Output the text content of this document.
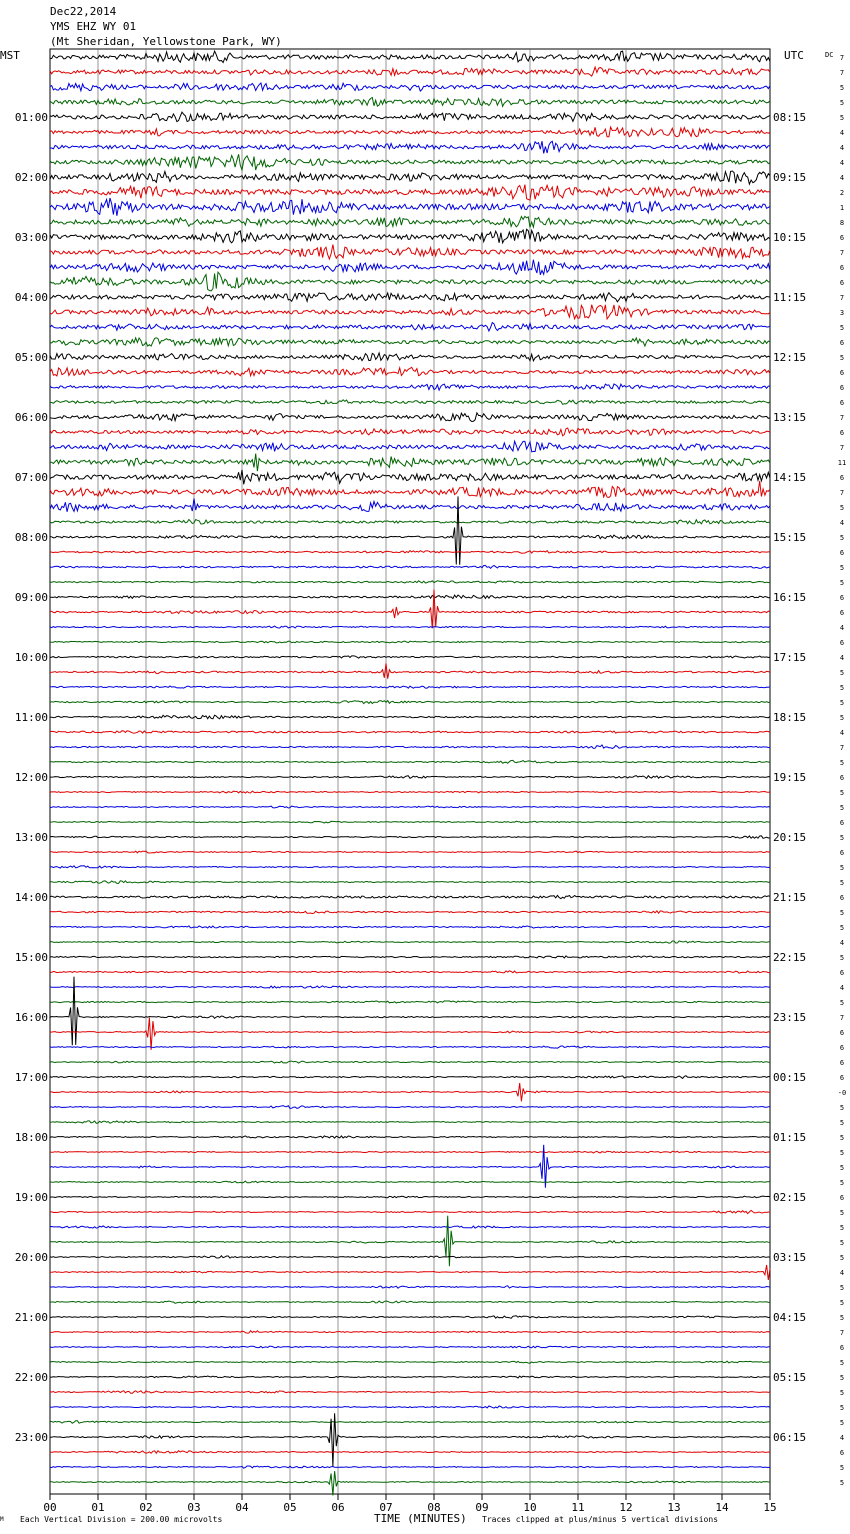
Dec22,2014
YMS EHZ WY 01
(Mt Sheridan, Yellowstone Park, WY)
MST	UTC	DC
00	01	02	03	04	05	06	07	08	09	10	11	12	13	14	15
7
7
5
5
5
4
4
4
4
2
1
8
6
7
6
6
7
3
5
6
5
6
6
6
7
6
7
11
6
7
5
4
5
6
5
5
6
6
4
6
4
5
5
5
5
4
7
5
6
5
5
6
5
6
5
5
6
5
5
4
5
6
4
5
7
6
6
6
6
-0
5
5
5
5
5
5
6
5
5
5
5
4
5
5
5
7
6
5
5
5
5
5
4
6
5
5
01:00	08:15
02:00	09:15
03:00	10:15
04:00	11:15
05:00	12:15
06:00	13:15
07:00	14:15
08:00	15:15
09:00	16:15
10:00	17:15
11:00	18:15
12:00	19:15
13:00	20:15
14:00	21:15
15:00	22:15
16:00	23:15
17:00	00:15
18:00	01:15
19:00	02:15
20:00	03:15
21:00	04:15
22:00	05:15
23:00	06:15
M Each Vertical Division = 200.00 microvolts	TIME (MINUTES) Traces clipped at plus/minus 5 vertical divisions
